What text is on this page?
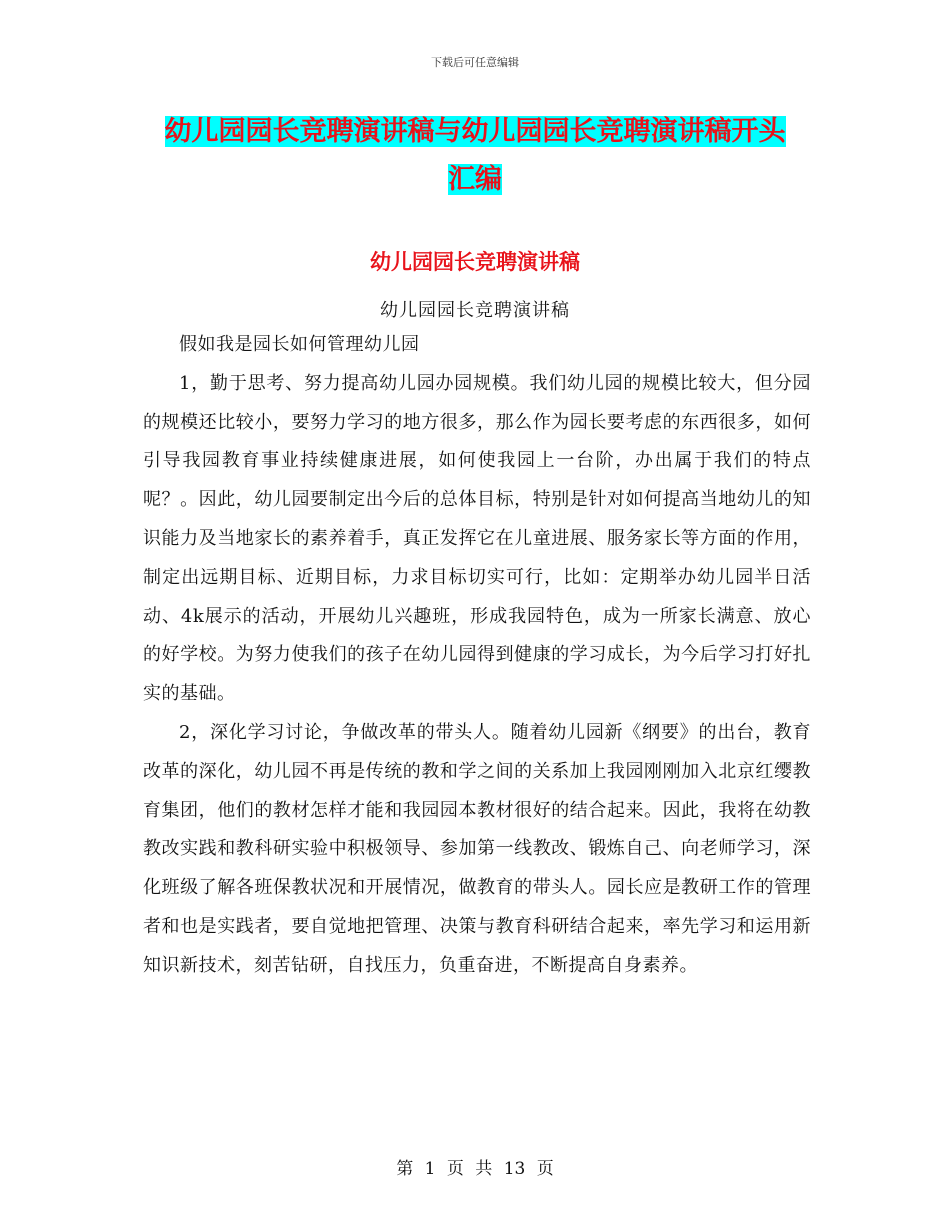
下载后可任意编辑
幼儿园园长竞聘演讲稿与幼儿园园长竞聘演讲稿开头
汇编
幼儿园园长竞聘演讲稿
幼儿园园长竞聘演讲稿

假如我是园长如何管理幼儿园

1，勤于思考、努力提高幼儿园办园规模。我们幼儿园的规模比较大，但分园的规模还比较小，要努力学习的地方很多，那么作为园长要考虑的东西很多，如何引导我园教育事业持续健康进展，如何使我园上一台阶，办出属于我们的特点呢？。因此，幼儿园要制定出今后的总体目标，特别是针对如何提高当地幼儿的知识能力及当地家长的素养着手，真正发挥它在儿童进展、服务家长等方面的作用，制定出远期目标、近期目标，力求目标切实可行，比如：定期举办幼儿园半日活动、4k展示的活动，开展幼儿兴趣班，形成我园特色，成为一所家长满意、放心的好学校。为努力使我们的孩子在幼儿园得到健康的学习成长，为今后学习打好扎实的基础。

2，深化学习讨论，争做改革的带头人。随着幼儿园新《纲要》的出台，教育改革的深化，幼儿园不再是传统的教和学之间的关系加上我园刚刚加入北京红缨教育集团，他们的教材怎样才能和我园园本教材很好的结合起来。因此，我将在幼教教改实践和教科研实验中积极领导、参加第一线教改、锻炼自己、向老师学习，深化班级了解各班保教状况和开展情况，做教育的带头人。园长应是教研工作的管理者和也是实践者，要自觉地把管理、决策与教育科研结合起来，率先学习和运用新知识新技术，刻苦钻研，自找压力，负重奋进，不断提高自身素养。

第 1 页 共 13 页
